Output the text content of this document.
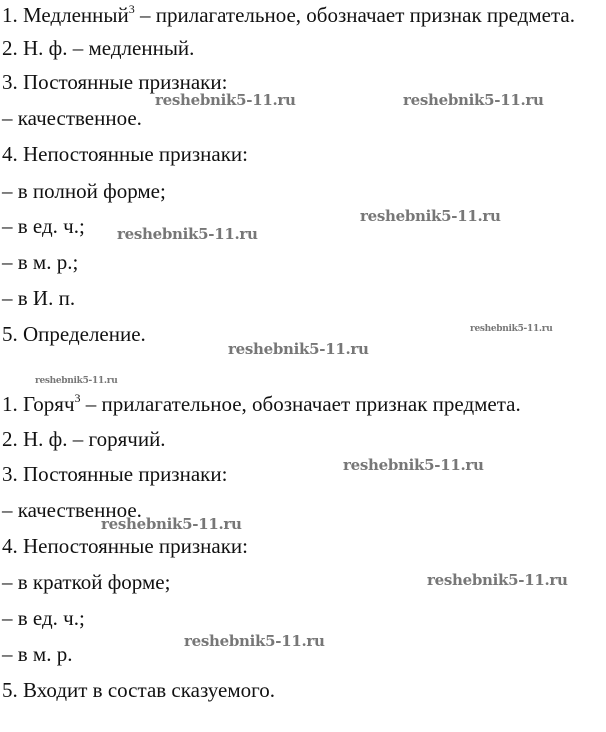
1. Медленный$^3$ – прилагательное, обозначает признак предмета.
2. Н. ф. – медленный.
3. Постоянные признаки:
– качественное.
4. Непостоянные признаки:
– в полной форме;
– в ед. ч.;
– в м. р.;
– в И. п.
5. Определение.
1. Горяч$^3$ – прилагательное, обозначает признак предмета.
2. Н. ф. – горячий.
3. Постоянные признаки:
– качественное.
4. Непостоянные признаки:
– в краткой форме;
– в ед. ч.;
– в м. р.
5. Входит в состав сказуемого.
reshebnik5-11.ru	reshebnik5-11.ru
reshebnik5-11.ru
reshebnik5-11.ru
reshebnik5-11.ru
reshebnik5-11.ru
reshebnik5-11.ru
reshebnik5-11.ru
reshebnik5-11.ru
reshebnik5-11.ru
reshebnik5-11.ru
